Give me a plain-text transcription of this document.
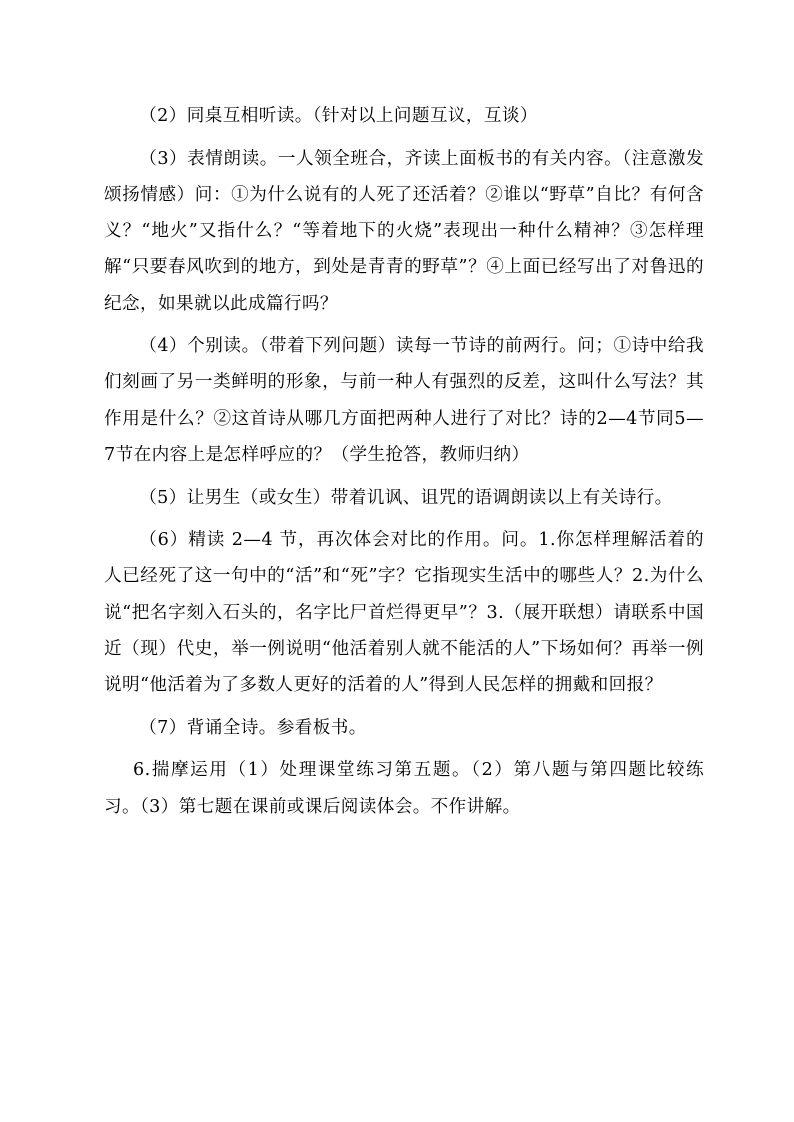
（2）同桌互相听读。（针对以上问题互议，互谈）

（3）表情朗读。一人领全班合，齐读上面板书的有关内容。（注意激发颂扬情感）问：①为什么说有的人死了还活着？②谁以“野草”自比？有何含义？“地火”又指什么？“等着地下的火烧”表现出一种什么精神？③怎样理解“只要春风吹到的地方，到处是青青的野草”？④上面已经写出了对鲁迅的纪念，如果就以此成篇行吗？

（4）个别读。（带着下列问题）读每一节诗的前两行。问；①诗中给我们刻画了另一类鲜明的形象，与前一种人有强烈的反差，这叫什么写法？其作用是什么？②这首诗从哪几方面把两种人进行了对比？诗的2—4节同5—7节在内容上是怎样呼应的？（学生抢答，教师归纳）

（5）让男生（或女生）带着讥讽、诅咒的语调朗读以上有关诗行。

（6）精读 2—4 节，再次体会对比的作用。问。1.你怎样理解活着的人已经死了这一句中的“活”和“死”字？它指现实生活中的哪些人？2.为什么说“把名字刻入石头的，名字比尸首烂得更早”？3.（展开联想）请联系中国近（现）代史，举一例说明“他活着别人就不能活的人”下场如何？再举一例说明“他活着为了多数人更好的活着的人”得到人民怎样的拥戴和回报？

（7）背诵全诗。参看板书。

6.揣摩运用（1）处理课堂练习第五题。（2）第八题与第四题比较练习。（3）第七题在课前或课后阅读体会。不作讲解。
